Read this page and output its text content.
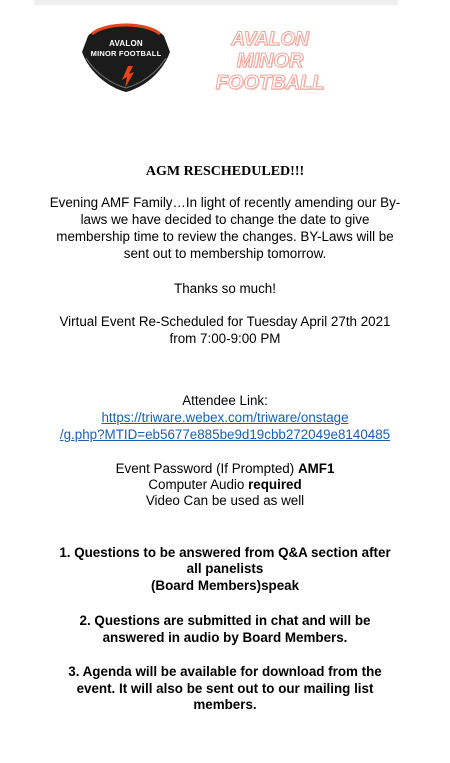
AVALON
MINOR FOOTBALL
AVALON
MINOR FOOTBALL
AGM RESCHEDULED!!!

Evening AMF Family…In light of recently amending our By-

laws we have decided to change the date to give

membership time to review the changes. BY-Laws will be

sent out to membership tomorrow.

Thanks so much!

Virtual Event Re-Scheduled for Tuesday April 27th 2021

from 7:00-9:00 PM

Attendee Link:

https://triware.webex.com/triware/onstage

/g.php?MTID=eb5677e885be9d19cbb272049e8140485

Event Password (If Prompted) AMF1

Computer Audio required

Video Can be used as well

1. Questions to be answered from Q&A section after

all panelists

(Board Members)speak

2. Questions are submitted in chat and will be

answered in audio by Board Members.

3. Agenda will be available for download from the

event. It will also be sent out to our mailing list

members.
